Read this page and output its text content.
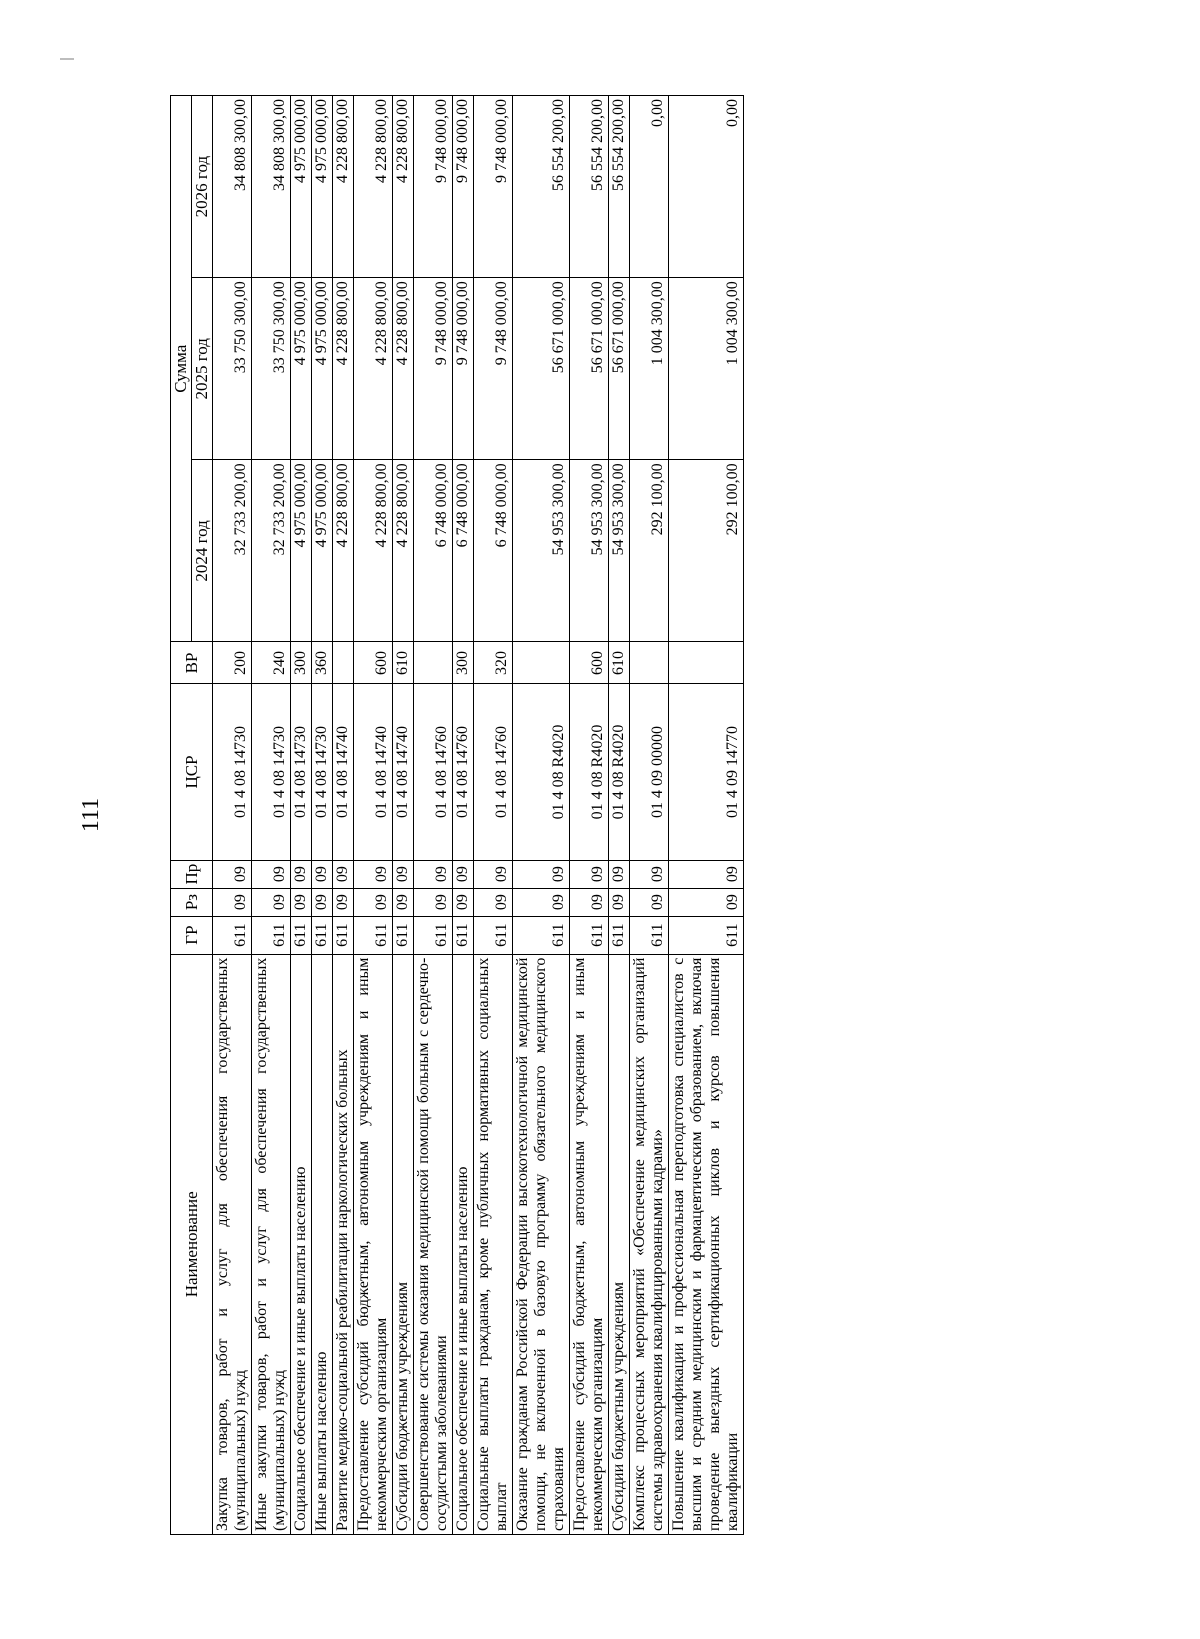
111
Наименование	ГР	Рз	Пр	ЦСР	ВР	Сумма		
						2024 год	2025 год	2026 год
Закупка товаров, работ и услуг для обеспечения государственных (муниципальных) нужд	611	09	09	01 4 08 14730	200	32 733 200,00	33 750 300,00	34 808 300,00
Иные закупки товаров, работ и услуг для обеспечения государственных (муниципальных) нужд	611	09	09	01 4 08 14730	240	32 733 200,00	33 750 300,00	34 808 300,00
Социальное обеспечение и иные выплаты населению	611	09	09	01 4 08 14730	300	4 975 000,00	4 975 000,00	4 975 000,00
Иные выплаты населению	611	09	09	01 4 08 14730	360	4 975 000,00	4 975 000,00	4 975 000,00
Развитие медико-социальной реабилитации наркологических больных	611	09	09	01 4 08 14740		4 228 800,00	4 228 800,00	4 228 800,00
Предоставление субсидий бюджетным, автономным учреждениям и иным некоммерческим организациям	611	09	09	01 4 08 14740	600	4 228 800,00	4 228 800,00	4 228 800,00
Субсидии бюджетным учреждениям	611	09	09	01 4 08 14740	610	4 228 800,00	4 228 800,00	4 228 800,00
Совершенствование системы оказания медицинской помощи больным с сердечно-сосудистыми заболеваниями	611	09	09	01 4 08 14760		6 748 000,00	9 748 000,00	9 748 000,00
Социальное обеспечение и иные выплаты населению	611	09	09	01 4 08 14760	300	6 748 000,00	9 748 000,00	9 748 000,00
Социальные выплаты гражданам, кроме публичных нормативных социальных выплат	611	09	09	01 4 08 14760	320	6 748 000,00	9 748 000,00	9 748 000,00
Оказание гражданам Российской Федерации высокотехнологичной медицинской помощи, не включенной в базовую программу обязательного медицинского страхования	611	09	09	01 4 08 R4020		54 953 300,00	56 671 000,00	56 554 200,00
Предоставление субсидий бюджетным, автономным учреждениям и иным некоммерческим организациям	611	09	09	01 4 08 R4020	600	54 953 300,00	56 671 000,00	56 554 200,00
Субсидии бюджетным учреждениям	611	09	09	01 4 08 R4020	610	54 953 300,00	56 671 000,00	56 554 200,00
Комплекс процессных мероприятий «Обеспечение медицинских организаций системы здравоохранения квалифицированными кадрами»	611	09	09	01 4 09 00000		292 100,00	1 004 300,00	0,00
Повышение квалификации и профессиональная переподготовка специалистов с высшим и средним медицинским и фармацевтическим образованием, включая проведение выездных сертификационных циклов и курсов повышения квалификации	611	09	09	01 4 09 14770		292 100,00	1 004 300,00	0,00
